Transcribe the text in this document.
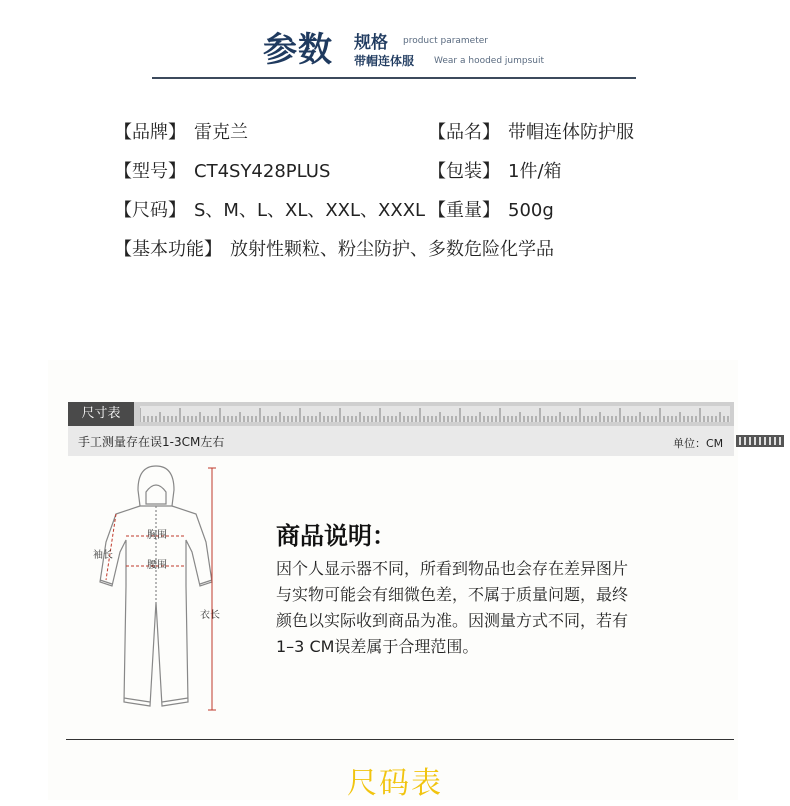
参数 规格 product parameter
带帽连体服 Wear a hooded jumpsuit
【品牌】 雷克兰	【品名】 带帽连体防护服
【型号】 CT4SY428PLUS	【包装】 1件/箱
【尺码】 S、M、L、XL、XXL、XXXL 【重量】 500g
【基本功能】 放射性颗粒、粉尘防护、多数危险化学品
尺寸表
手工测量存在误1-3CM左右	单位：CM
胸围
腰围
袖长
衣长
商品说明：
因个人显示器不同，所看到物品也会存在差异图片
与实物可能会有细微色差，不属于质量问题，最终
颜色以实际收到商品为准。因测量方式不同，若有
1–3 CM误差属于合理范围。
尺码表
